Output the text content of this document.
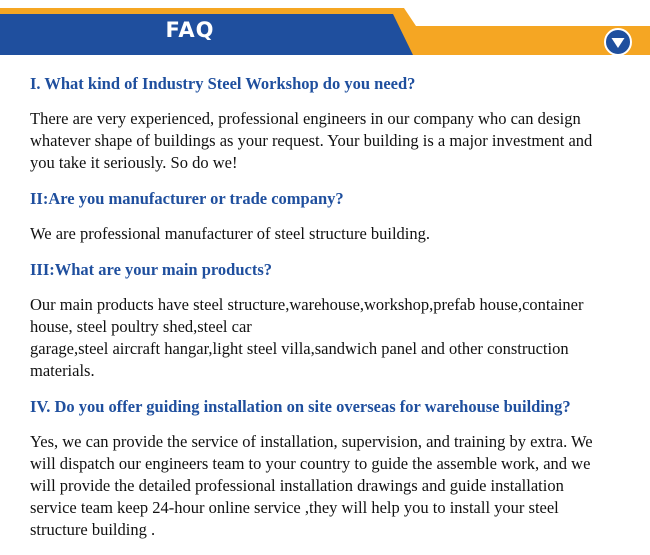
FAQ

I. What kind of Industry Steel Workshop do you need?

There are very experienced, professional engineers in our company who can design

whatever shape of buildings as your request. Your building is a major investment and

you take it seriously. So do we!

II:Are you manufacturer or trade company?

We are professional manufacturer of steel structure building.

III:What are your main products?

Our main products have steel structure,warehouse,workshop,prefab house,container

house, steel poultry shed,steel car

garage,steel aircraft hangar,light steel villa,sandwich panel and other construction

materials.

IV. Do you offer guiding installation on site overseas for warehouse building?

Yes, we can provide the service of installation, supervision, and training by extra. We

will dispatch our engineers team to your country to guide the assemble work, and we

will provide the detailed professional installation drawings and guide installation

service team keep 24-hour online service ,they will help you to install your steel

structure building .
